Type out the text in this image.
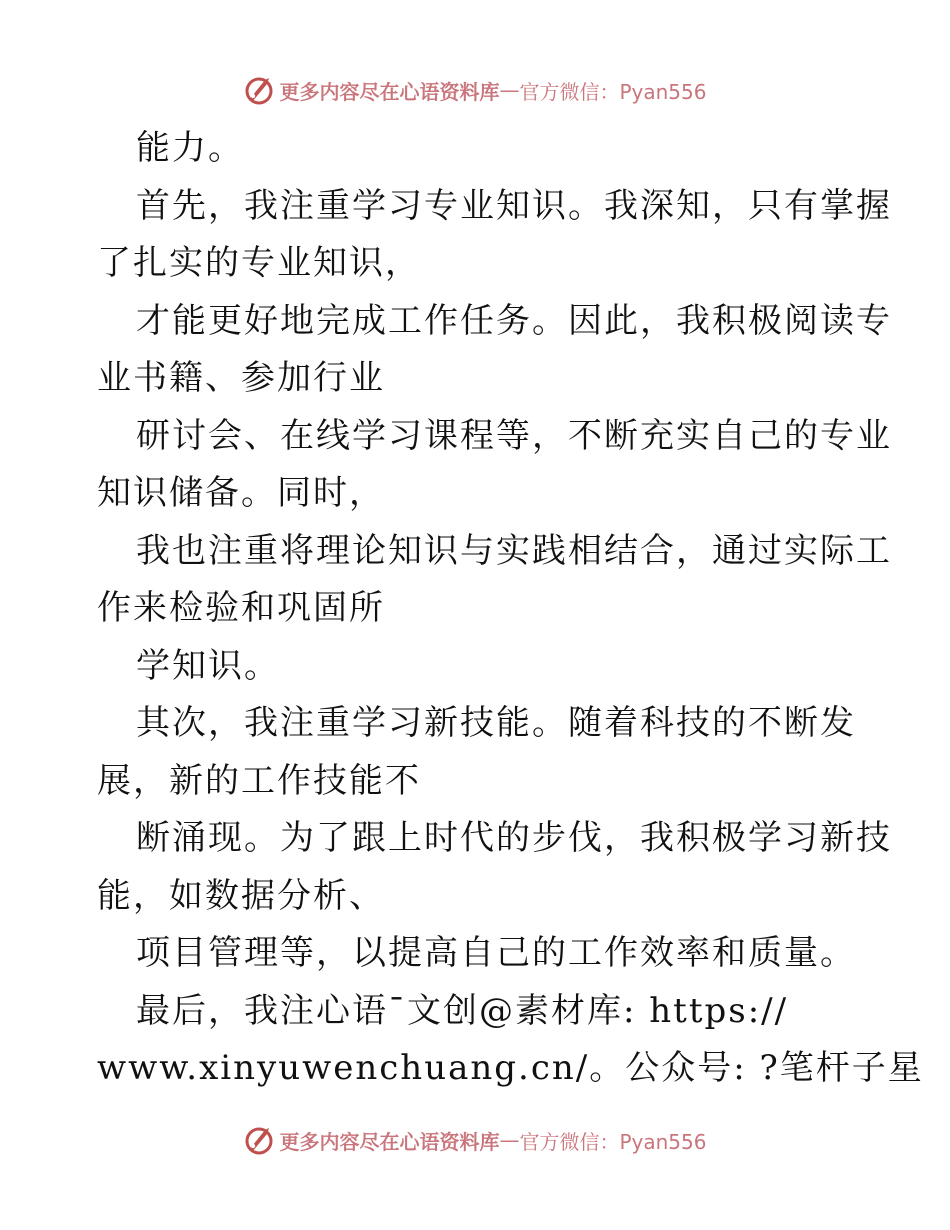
更多内容尽在心语资料库 — 官方微信：Pyan556
能力。
首先，我注重学习专业知识。我深知，只有掌握
了扎实的专业知识，
才能更好地完成工作任务。因此，我积极阅读专
业书籍、参加行业
研讨会、在线学习课程等，不断充实自己的专业
知识储备。同时，
我也注重将理论知识与实践相结合，通过实际工
作来检验和巩固所
学知识。
其次，我注重学习新技能。随着科技的不断发
展，新的工作技能不
断涌现。为了跟上时代的步伐，我积极学习新技
能，如数据分析、
项目管理等，以提高自己的工作效率和质量。
最后，我注心语¯文创@素材库: https://
www.xinyuwenchuang.cn/。公众号: ?笔杆子星
更多内容尽在心语资料库 — 官方微信：Pyan556
